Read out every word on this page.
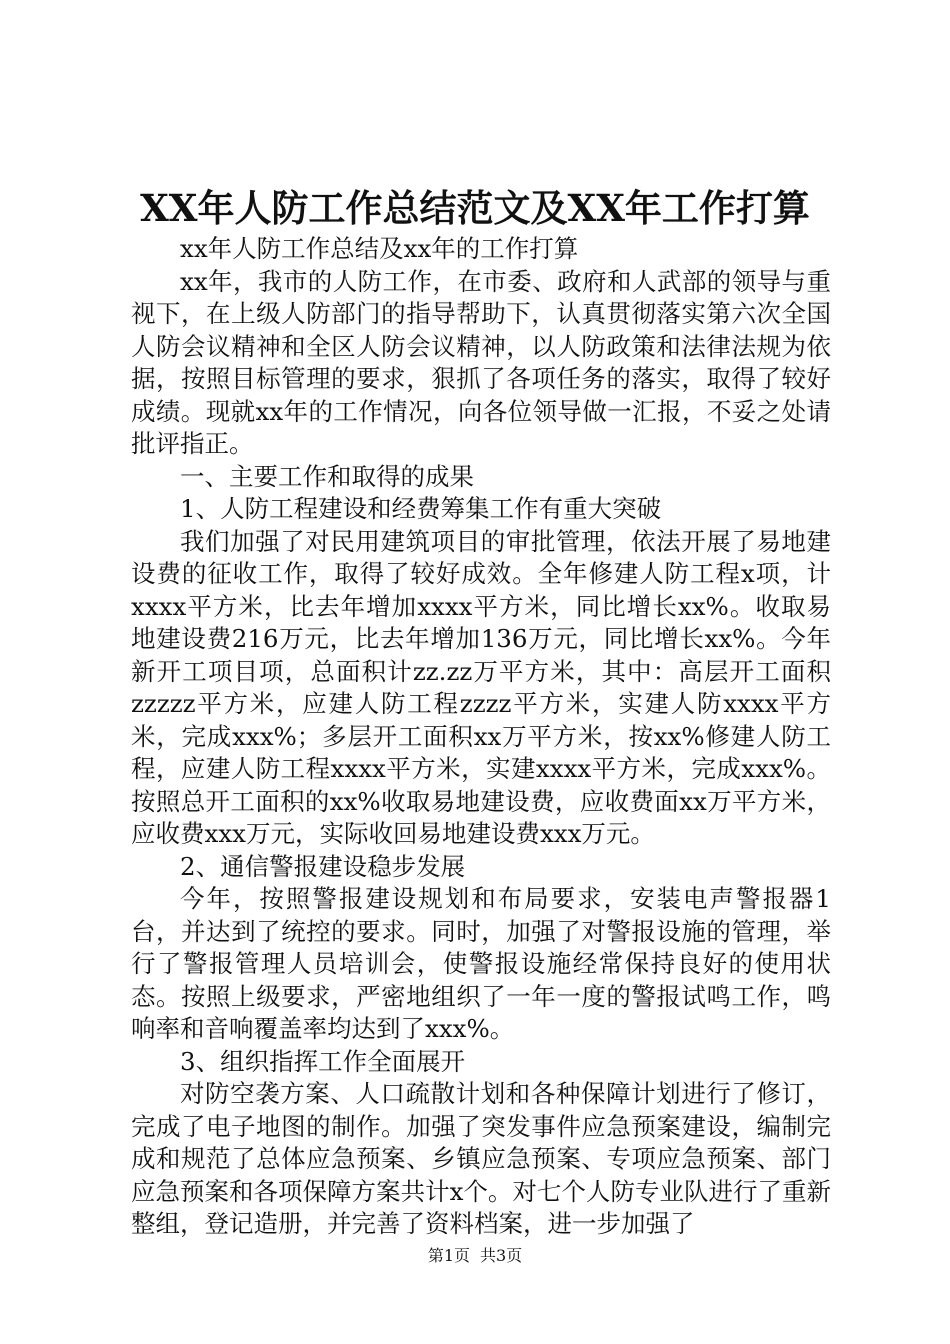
XX年人防工作总结范文及XX年工作打算

xx年人防工作总结及xx年的工作打算

xx年，我市的人防工作，在市委、政府和人武部的领导与重视下，在上级人防部门的指导帮助下，认真贯彻落实第六次全国人防会议精神和全区人防会议精神，以人防政策和法律法规为依据，按照目标管理的要求，狠抓了各项任务的落实，取得了较好成绩。现就xx年的工作情况，向各位领导做一汇报，不妥之处请批评指正。

一、主要工作和取得的成果

1、人防工程建设和经费筹集工作有重大突破

我们加强了对民用建筑项目的审批管理，依法开展了易地建设费的征收工作，取得了较好成效。全年修建人防工程x项，计xxxx平方米，比去年增加xxxx平方米，同比增长xx%。收取易地建设费216万元，比去年增加136万元，同比增长xx%。今年新开工项目项，总面积计zz.zz万平方米，其中：高层开工面积zzzzz平方米，应建人防工程zzzz平方米，实建人防xxxx平方米，完成xxx%；多层开工面积xx万平方米，按xx%修建人防工程，应建人防工程xxxx平方米，实建xxxx平方米，完成xxx%。按照总开工面积的xx%收取易地建设费，应收费面xx万平方米，应收费xxx万元，实际收回易地建设费xxx万元。

2、通信警报建设稳步发展

今年，按照警报建设规划和布局要求，安装电声警报器1台，并达到了统控的要求。同时，加强了对警报设施的管理，举行了警报管理人员培训会，使警报设施经常保持良好的使用状态。按照上级要求，严密地组织了一年一度的警报试鸣工作，鸣响率和音响覆盖率均达到了xxx%。

3、组织指挥工作全面展开

对防空袭方案、人口疏散计划和各种保障计划进行了修订，完成了电子地图的制作。加强了突发事件应急预案建设，编制完成和规范了总体应急预案、乡镇应急预案、专项应急预案、部门应急预案和各项保障方案共计x个。对七个人防专业队进行了重新整组，登记造册，并完善了资料档案，进一步加强了

第1页 共3页
